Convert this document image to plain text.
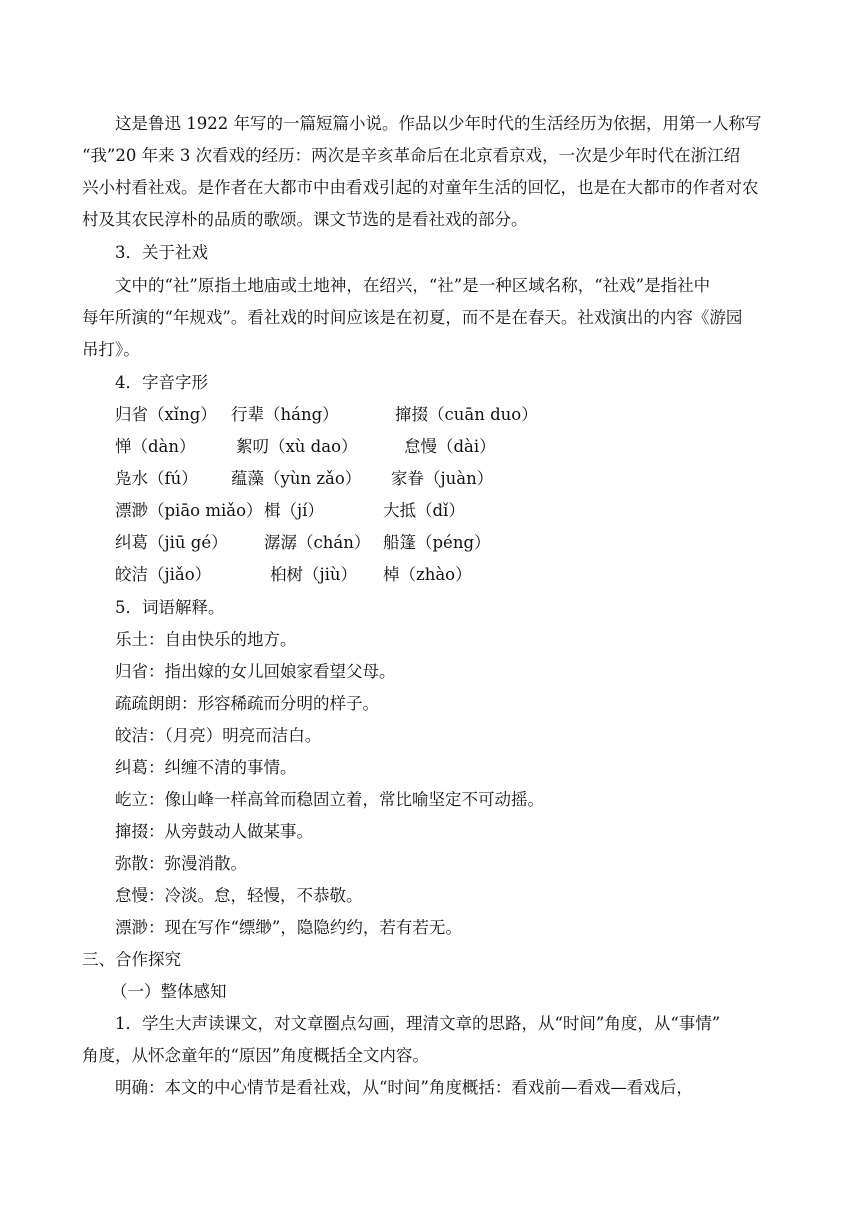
这是鲁迅 1922 年写的一篇短篇小说。作品以少年时代的生活经历为依据，用第一人称写
“我”20 年来 3 次看戏的经历：两次是辛亥革命后在北京看京戏，一次是少年时代在浙江绍
兴小村看社戏。是作者在大都市中由看戏引起的对童年生活的回忆，也是在大都市的作者对农
村及其农民淳朴的品质的歌颂。课文节选的是看社戏的部分。
3．关于社戏
文中的“社”原指土地庙或土地神，在绍兴，“社”是一种区域名称，“社戏”是指社中
每年所演的“年规戏”。看社戏的时间应该是在初夏，而不是在春天。社戏演出的内容《游园
吊打》。
4．字音字形
归省（xǐng） 行辈（háng）	撺掇（cuān duo）
惮（dàn） 絮叨（xù dao）	怠慢（dài）
凫水（fú） 蕴藻（yùn zǎo） 家眷（juàn）
漂渺（piāo miǎo） 楫（jí）	大抵（dǐ）
纠葛（jiū gé） 潺潺（chán） 船篷（péng）
皎洁（jiǎo）	桕树（jiù） 棹（zhào）
5．词语解释。
乐土：自由快乐的地方。
归省：指出嫁的女儿回娘家看望父母。
疏疏朗朗：形容稀疏而分明的样子。
皎洁：（月亮）明亮而洁白。
纠葛：纠缠不清的事情。
屹立：像山峰一样高耸而稳固立着，常比喻坚定不可动摇。
撺掇：从旁鼓动人做某事。
弥散：弥漫消散。
怠慢：冷淡。怠，轻慢，不恭敬。
漂渺：现在写作“缥缈”，隐隐约约，若有若无。
三、合作探究
（一）整体感知
1．学生大声读课文，对文章圈点勾画，理清文章的思路，从“时间”角度，从“事情”
角度，从怀念童年的“原因”角度概括全文内容。
明确：本文的中心情节是看社戏，从“时间”角度概括：看戏前—看戏—看戏后，
